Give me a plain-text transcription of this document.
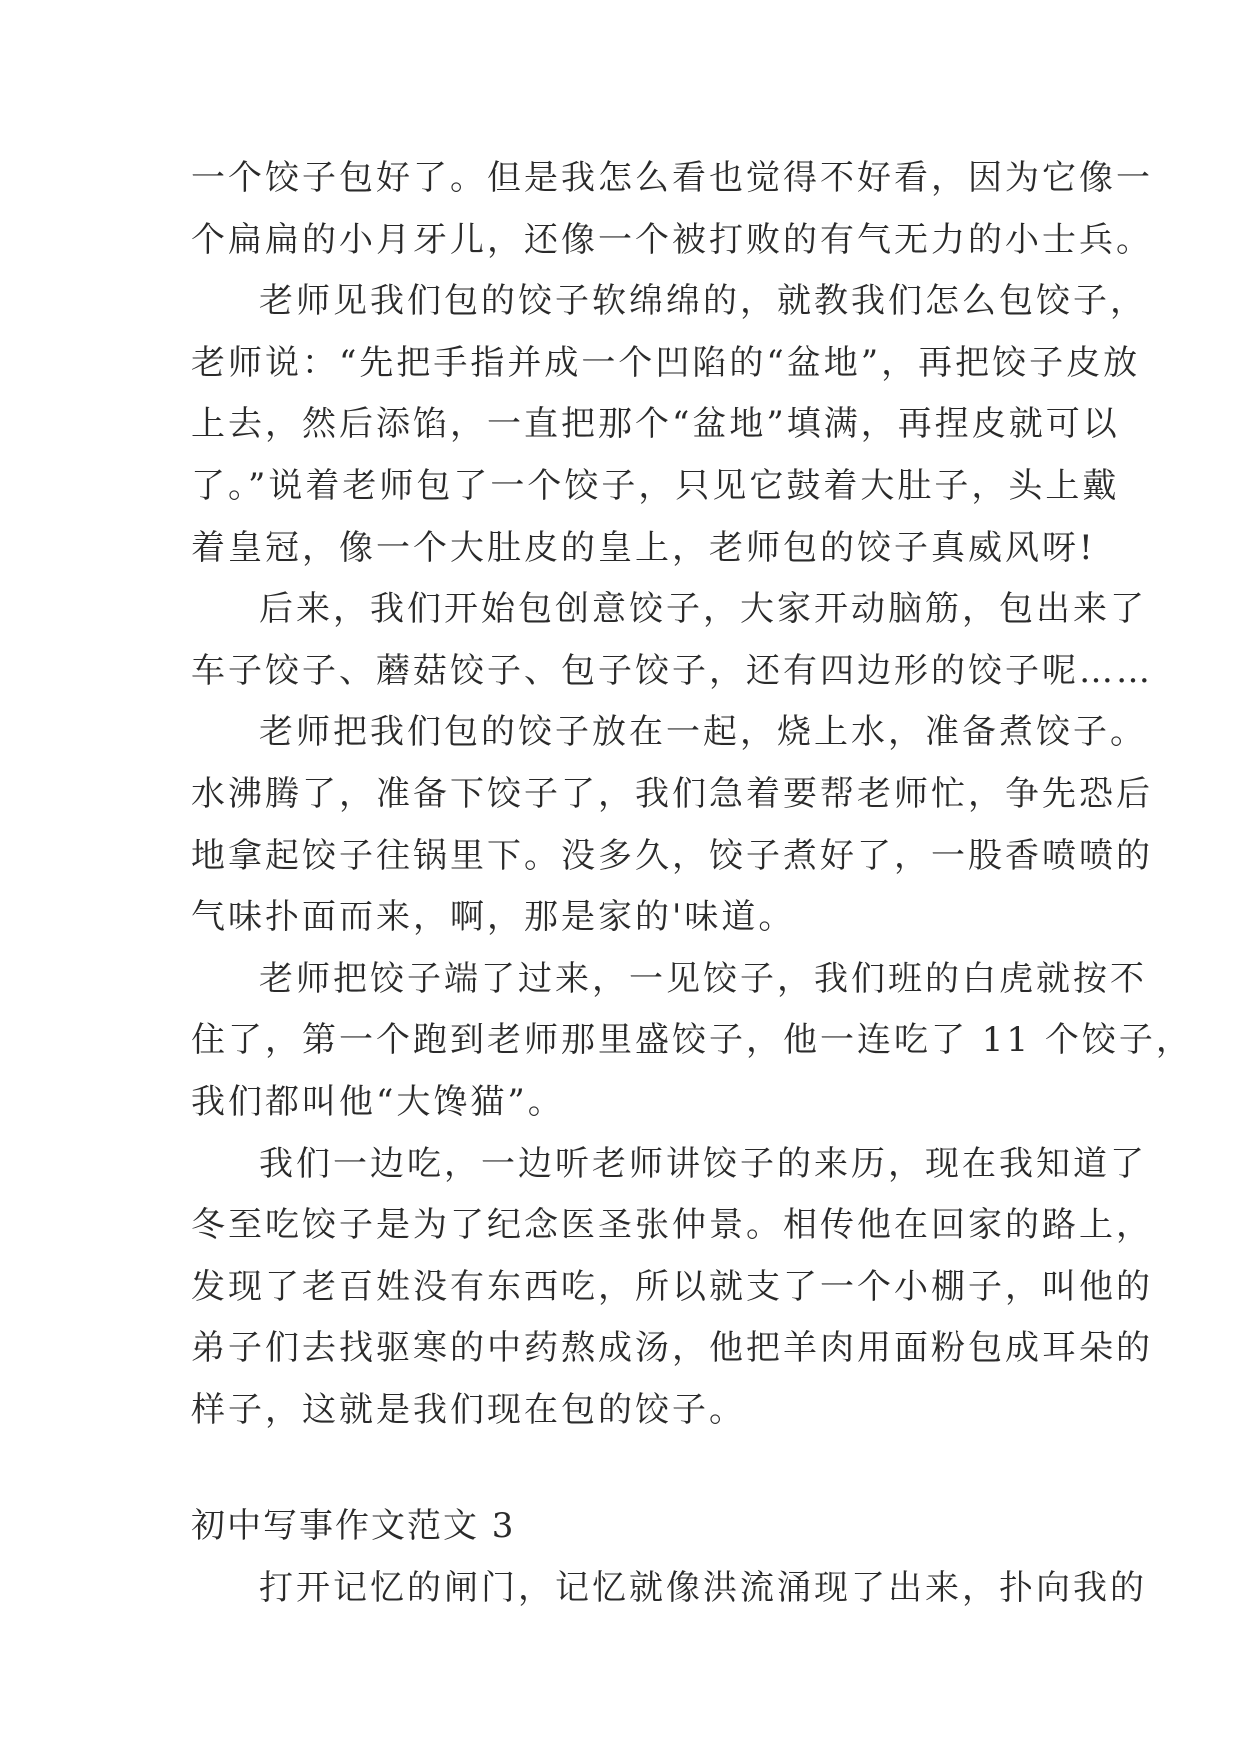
一个饺子包好了。但是我怎么看也觉得不好看，因为它像一
个扁扁的小月牙儿，还像一个被打败的有气无力的小士兵。
老师见我们包的饺子软绵绵的，就教我们怎么包饺子，
老师说：“先把手指并成一个凹陷的“盆地”，再把饺子皮放
上去，然后添馅，一直把那个“盆地”填满，再捏皮就可以
了。”说着老师包了一个饺子，只见它鼓着大肚子，头上戴
着皇冠，像一个大肚皮的皇上，老师包的饺子真威风呀!
后来，我们开始包创意饺子，大家开动脑筋，包出来了
车子饺子、蘑菇饺子、包子饺子，还有四边形的饺子呢……
老师把我们包的饺子放在一起，烧上水，准备煮饺子。
水沸腾了，准备下饺子了，我们急着要帮老师忙，争先恐后
地拿起饺子往锅里下。没多久，饺子煮好了，一股香喷喷的
气味扑面而来，啊，那是家的'味道。
老师把饺子端了过来，一见饺子，我们班的白虎就按不
住了，第一个跑到老师那里盛饺子，他一连吃了 11 个饺子，
我们都叫他“大馋猫”。
我们一边吃，一边听老师讲饺子的来历，现在我知道了
冬至吃饺子是为了纪念医圣张仲景。相传他在回家的路上，
发现了老百姓没有东西吃，所以就支了一个小棚子，叫他的
弟子们去找驱寒的中药熬成汤，他把羊肉用面粉包成耳朵的
样子，这就是我们现在包的饺子。
初中写事作文范文 3
打开记忆的闸门，记忆就像洪流涌现了出来，扑向我的
